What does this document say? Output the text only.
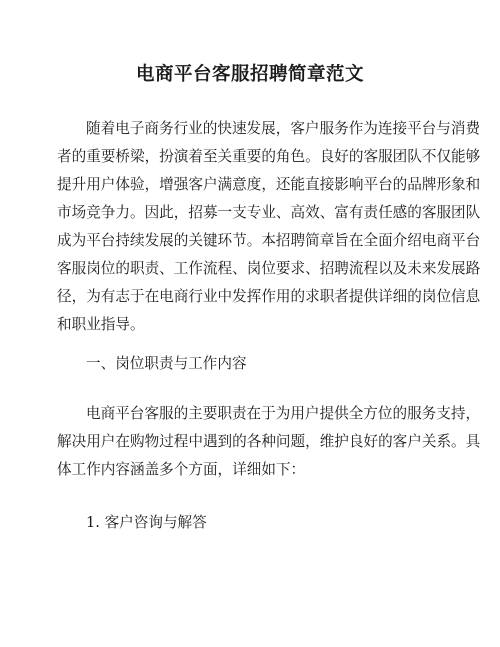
电商平台客服招聘简章范文
随着电子商务行业的快速发展，客户服务作为连接平台与消费
者的重要桥梁，扮演着至关重要的角色。良好的客服团队不仅能够
提升用户体验，增强客户满意度，还能直接影响平台的品牌形象和
市场竞争力。因此，招募一支专业、高效、富有责任感的客服团队
成为平台持续发展的关键环节。本招聘简章旨在全面介绍电商平台
客服岗位的职责、工作流程、岗位要求、招聘流程以及未来发展路
径，为有志于在电商行业中发挥作用的求职者提供详细的岗位信息
和职业指导。

一、岗位职责与工作内容

电商平台客服的主要职责在于为用户提供全方位的服务支持，
解决用户在购物过程中遇到的各种问题，维护良好的客户关系。具
体工作内容涵盖多个方面，详细如下：

1. 客户咨询与解答
